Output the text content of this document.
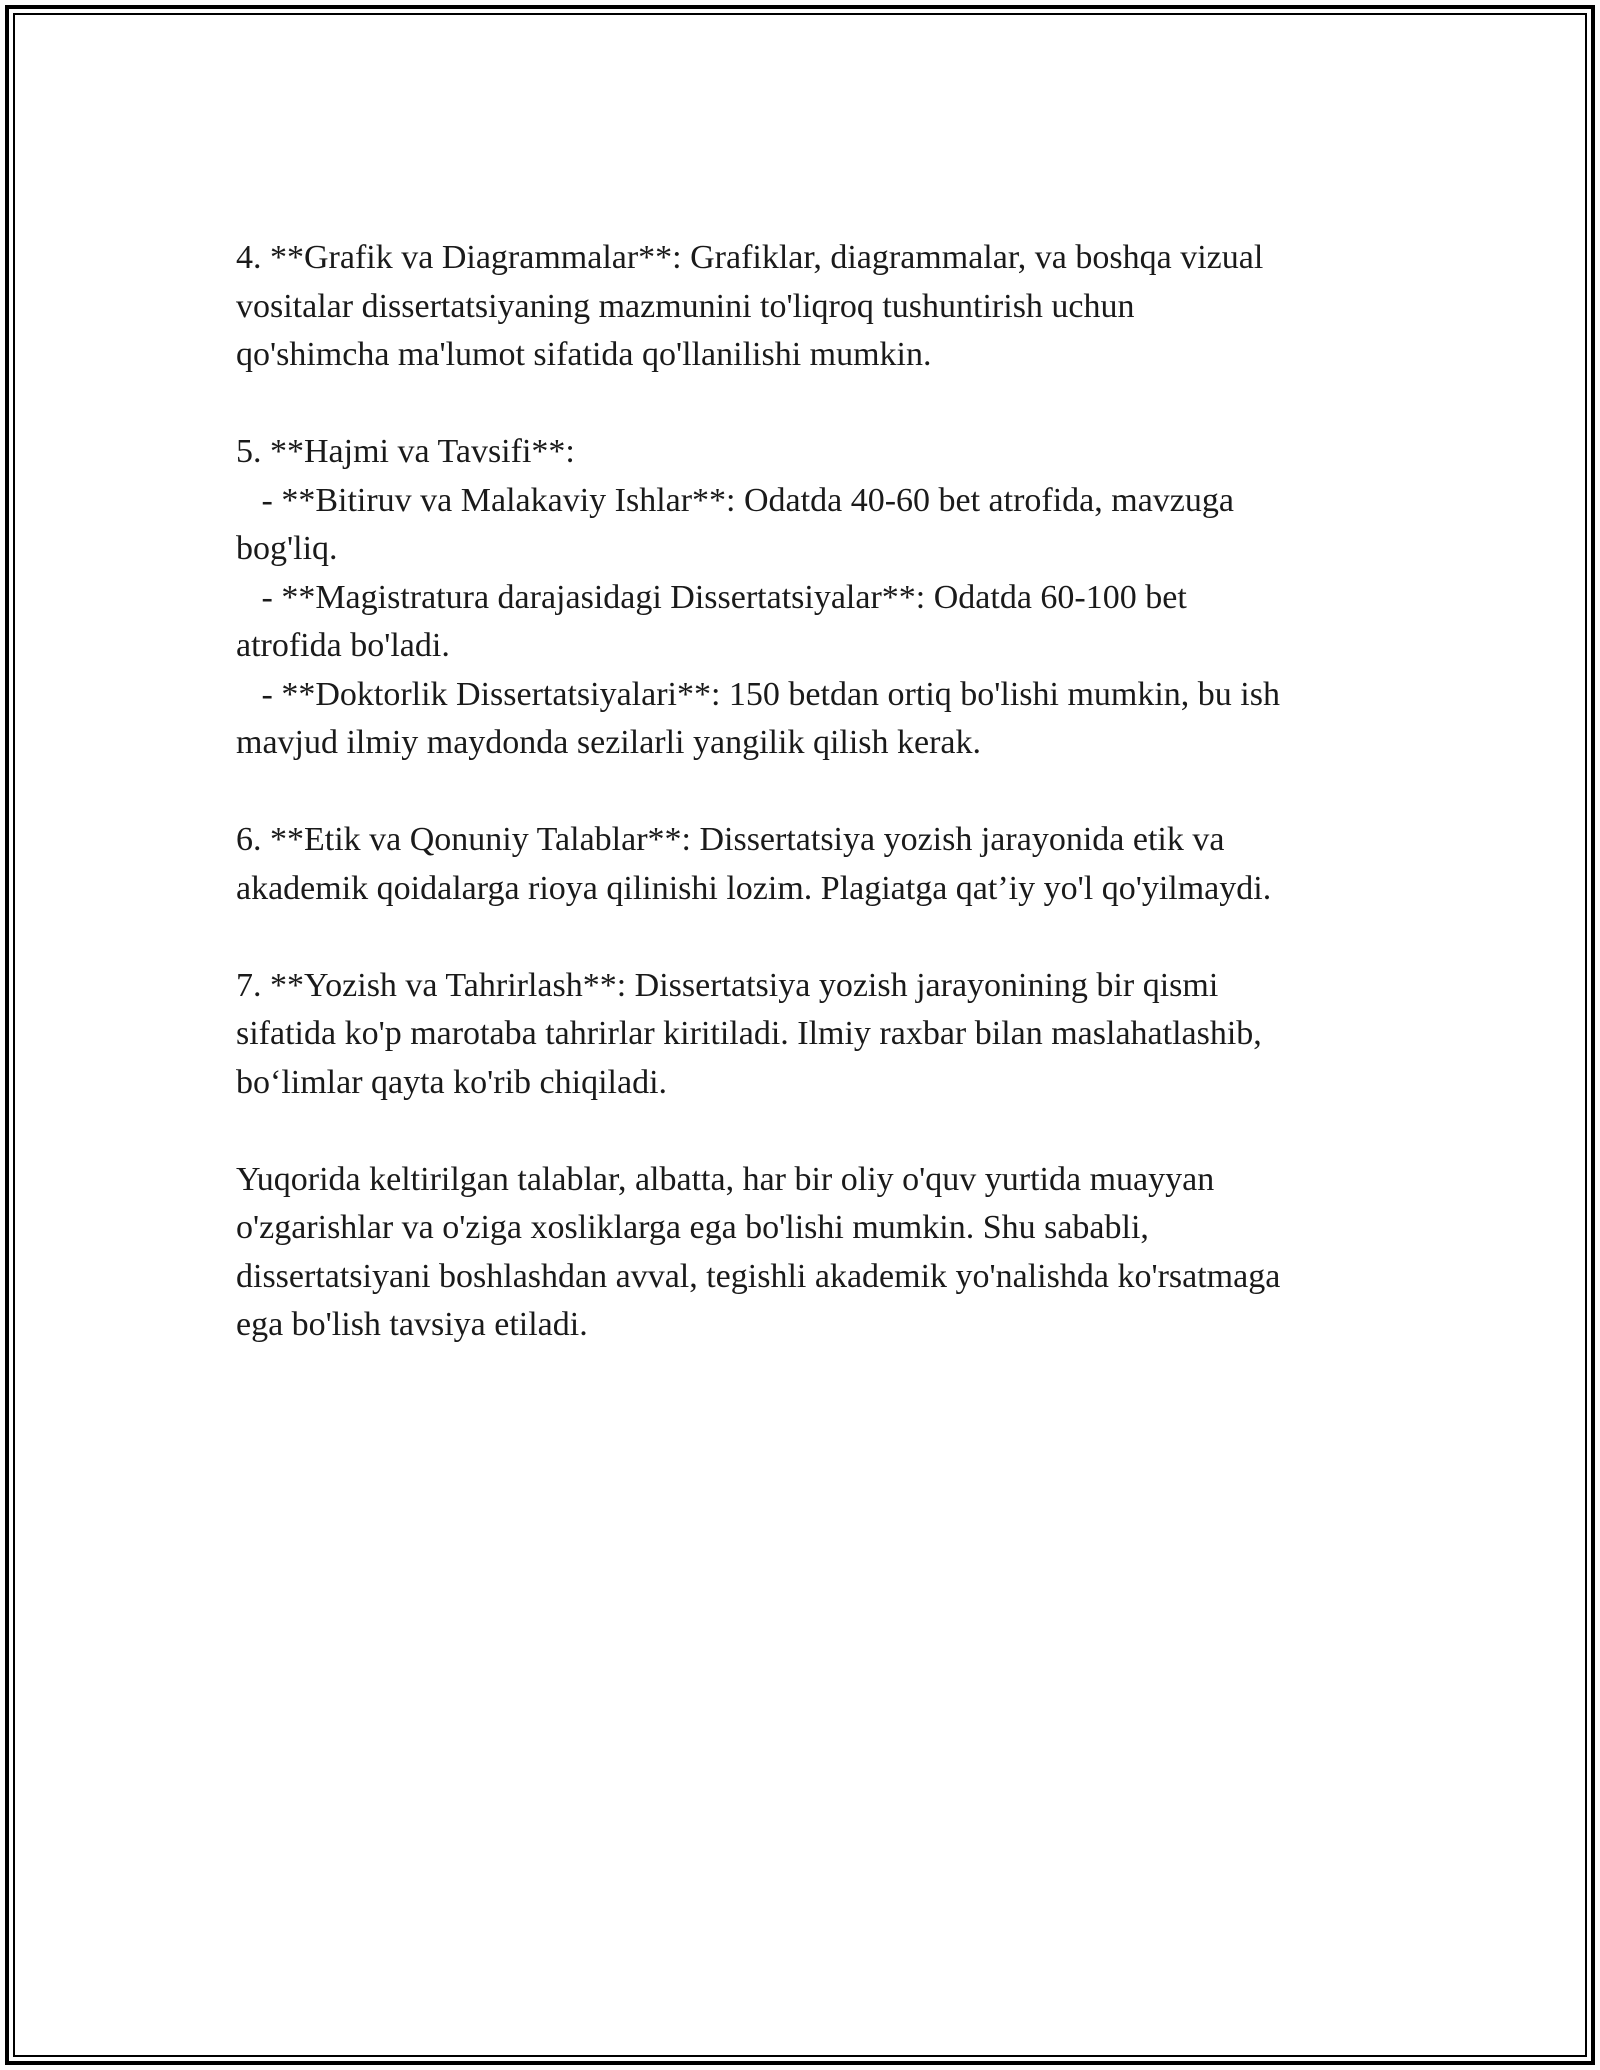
4. **Grafik va Diagrammalar**: Grafiklar, diagrammalar, va boshqa vizual
vositalar dissertatsiyaning mazmunini to'liqroq tushuntirish uchun
qo'shimcha ma'lumot sifatida qo'llanilishi mumkin.
5. **Hajmi va Tavsifi**:
- **Bitiruv va Malakaviy Ishlar**: Odatda 40-60 bet atrofida, mavzuga
bog'liq.
- **Magistratura darajasidagi Dissertatsiyalar**: Odatda 60-100 bet
atrofida bo'ladi.
- **Doktorlik Dissertatsiyalari**: 150 betdan ortiq bo'lishi mumkin, bu ish
mavjud ilmiy maydonda sezilarli yangilik qilish kerak.
6. **Etik va Qonuniy Talablar**: Dissertatsiya yozish jarayonida etik va
akademik qoidalarga rioya qilinishi lozim. Plagiatga qat’iy yo'l qo'yilmaydi.
7. **Yozish va Tahrirlash**: Dissertatsiya yozish jarayonining bir qismi
sifatida ko'p marotaba tahrirlar kiritiladi. Ilmiy raxbar bilan maslahatlashib,
bo‘limlar qayta ko'rib chiqiladi.
Yuqorida keltirilgan talablar, albatta, har bir oliy o'quv yurtida muayyan
o'zgarishlar va o'ziga xosliklarga ega bo'lishi mumkin. Shu sababli,
dissertatsiyani boshlashdan avval, tegishli akademik yo'nalishda ko'rsatmaga
ega bo'lish tavsiya etiladi.
